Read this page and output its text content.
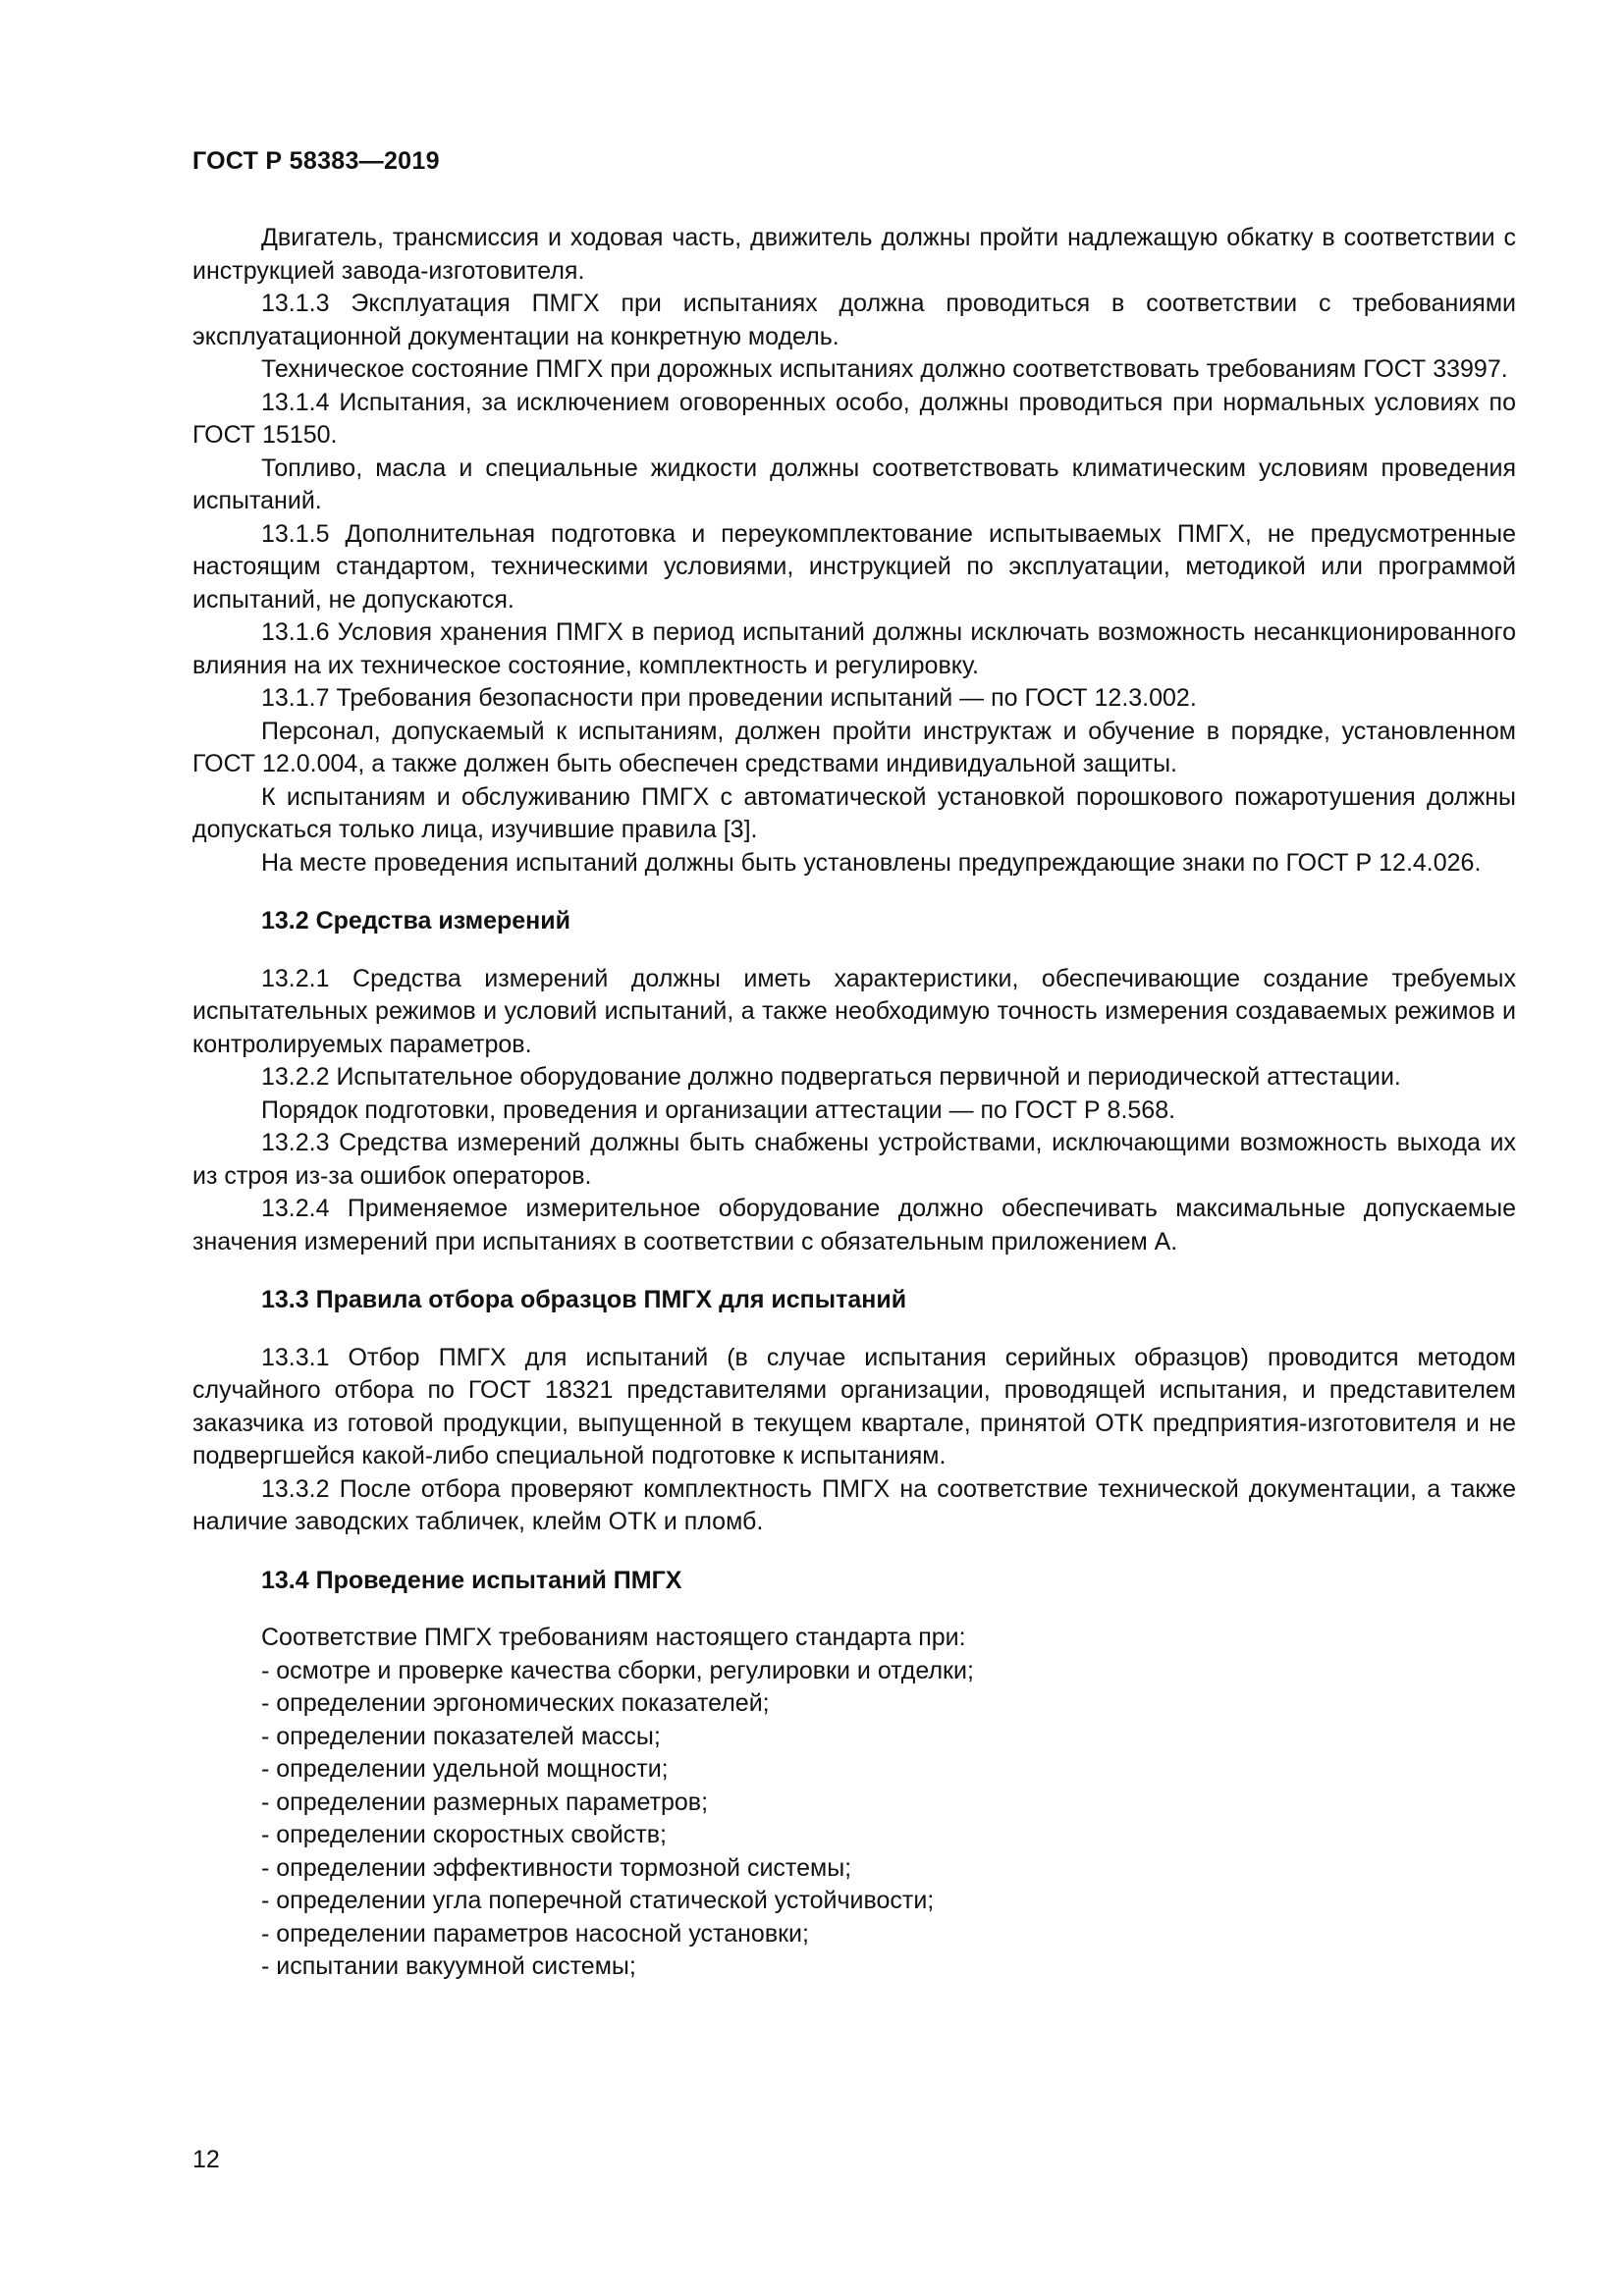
ГОСТ Р 58383—2019

Двигатель, трансмиссия и ходовая часть, движитель должны пройти надлежащую обкатку в соответствии с инструкцией завода-изготовителя.

13.1.3 Эксплуатация ПМГХ при испытаниях должна проводиться в соответствии с требованиями эксплуатационной документации на конкретную модель.

Техническое состояние ПМГХ при дорожных испытаниях должно соответствовать требованиям ГОСТ 33997.

13.1.4 Испытания, за исключением оговоренных особо, должны проводиться при нормальных условиях по ГОСТ 15150.

Топливо, масла и специальные жидкости должны соответствовать климатическим условиям проведения испытаний.

13.1.5 Дополнительная подготовка и переукомплектование испытываемых ПМГХ, не предусмотренные настоящим стандартом, техническими условиями, инструкцией по эксплуатации, методикой или программой испытаний, не допускаются.

13.1.6 Условия хранения ПМГХ в период испытаний должны исключать возможность несанкционированного влияния на их техническое состояние, комплектность и регулировку.

13.1.7 Требования безопасности при проведении испытаний — по ГОСТ 12.3.002.

Персонал, допускаемый к испытаниям, должен пройти инструктаж и обучение в порядке, установленном ГОСТ 12.0.004, а также должен быть обеспечен средствами индивидуальной защиты.

К испытаниям и обслуживанию ПМГХ с автоматической установкой порошкового пожаротушения должны допускаться только лица, изучившие правила [3].

На месте проведения испытаний должны быть установлены предупреждающие знаки по ГОСТ Р 12.4.026.

13.2 Средства измерений

13.2.1 Средства измерений должны иметь характеристики, обеспечивающие создание требуемых испытательных режимов и условий испытаний, а также необходимую точность измерения создаваемых режимов и контролируемых параметров.

13.2.2 Испытательное оборудование должно подвергаться первичной и периодической аттестации.

Порядок подготовки, проведения и организации аттестации — по ГОСТ Р 8.568.

13.2.3 Средства измерений должны быть снабжены устройствами, исключающими возможность выхода их из строя из-за ошибок операторов.

13.2.4 Применяемое измерительное оборудование должно обеспечивать максимальные допускаемые значения измерений при испытаниях в соответствии с обязательным приложением А.

13.3 Правила отбора образцов ПМГХ для испытаний

13.3.1 Отбор ПМГХ для испытаний (в случае испытания серийных образцов) проводится методом случайного отбора по ГОСТ 18321 представителями организации, проводящей испытания, и представителем заказчика из готовой продукции, выпущенной в текущем квартале, принятой ОТК предприятия-изготовителя и не подвергшейся какой-либо специальной подготовке к испытаниям.

13.3.2 После отбора проверяют комплектность ПМГХ на соответствие технической документации, а также наличие заводских табличек, клейм ОТК и пломб.

13.4 Проведение испытаний ПМГХ
Соответствие ПМГХ требованиям настоящего стандарта при:
- осмотре и проверке качества сборки, регулировки и отделки;
- определении эргономических показателей;
- определении показателей массы;
- определении удельной мощности;
- определении размерных параметров;
- определении скоростных свойств;
- определении эффективности тормозной системы;
- определении угла поперечной статической устойчивости;
- определении параметров насосной установки;
- испытании вакуумной системы;
12
